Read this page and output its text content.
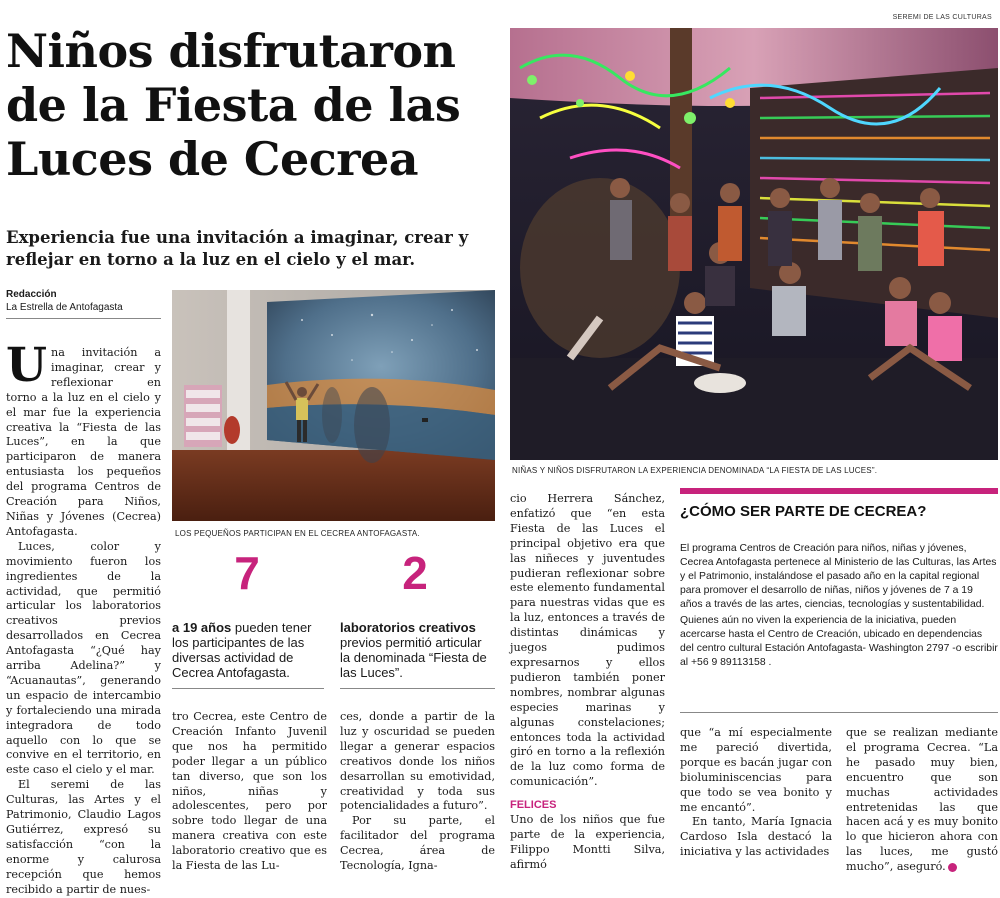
SEREMI DE LAS CULTURAS
Niños disfrutaron
de la Fiesta de las
Luces de Cecrea
Experiencia fue una invitación a imaginar, crear y reflejar en torno a la luz en el cielo y el mar.
Redacción
La Estrella de Antofagasta

Una invitación a imaginar, crear y reflexionar en torno a la luz en el cielo y el mar fue la experiencia creativa la “Fiesta de las Luces”, en la que participaron de manera entusiasta los pequeños del programa Centros de Creación para Niños, Niñas y Jóvenes (Cecrea) Antofagasta.

Luces, color y movimiento fueron los ingredientes de la actividad, que permitió articular los laboratorios creativos previos desarrollados en Cecrea Antofagasta “¿Qué hay arriba Adelina?” y “Acuanautas”, generando un espacio de intercambio y fortaleciendo una mirada integradora de todo aquello con lo que se convive en el territorio, en este caso el cielo y el mar.

El seremi de las Culturas, las Artes y el Patrimonio, Claudio Lagos Gutiérrez, expresó su satisfacción “con la enorme y calurosa recepción que hemos recibido a partir de nues-

LOS PEQUEÑOS PARTICIPAN EN EL CECREA ANTOFAGASTA.
NIÑAS Y NIÑOS DISFRUTARON LA EXPERIENCIA DENOMINADA “LA FIESTA DE LAS LUCES”.
7
a 19 años pueden tener los participantes de las diversas actividad de Cecrea Antofagasta.
2
laboratorios creativos previos permitió articular la denominada “Fiesta de las Luces”.

tro Cecrea, este Centro de Creación Infanto Juvenil que nos ha permitido poder llegar a un público tan diverso, que son los niños, niñas y adolescentes, pero por sobre todo llegar de una manera creativa con este laboratorio creativo que es la Fiesta de las Lu-

ces, donde a partir de la luz y oscuridad se pueden llegar a generar espacios creativos donde los niños desarrollan su emotividad, creatividad y toda sus potencialidades a futuro”.

Por su parte, el facilitador del programa Cecrea, área de Tecnología, Igna-

cio Herrera Sánchez, enfatizó que “en esta Fiesta de las Luces el principal objetivo era que las niñeces y juventudes pudieran reflexionar sobre este elemento fundamental para nuestras vidas que es la luz, entonces a través de distintas dinámicas y juegos pudimos expresarnos y ellos pudieron también poner nombres, nombrar algunas especies marinas y algunas constelaciones; entonces toda la actividad giró en torno a la reflexión de la luz como forma de comunicación”.

FELICES

Uno de los niños que fue parte de la experiencia, Filippo Montti Silva, afirmó

¿CÓMO SER PARTE DE CECREA?

El programa Centros de Creación para niños, niñas y jóvenes, Cecrea Antofagasta pertenece al Ministerio de las Culturas, las Artes y el Patrimonio, instalándose el pasado año en la capital regional para promover el desarrollo de niñas, niños y jóvenes de 7 a 19 años a través de las artes, ciencias, tecnologías y sustentabilidad.

Quienes aún no viven la experiencia de la iniciativa, pueden acercarse hasta el Centro de Creación, ubicado en dependencias del centro cultural Estación Antofagasta- Washington 2797 -o escribir al +56 9 89113158 .

que “a mí especialmente me pareció divertida, porque es bacán jugar con bioluminiscencias para que todo se vea bonito y me encantó”.

En tanto, María Ignacia Cardoso Isla destacó la iniciativa y las actividades

que se realizan mediante el programa Cecrea. “La he pasado muy bien, encuentro que son muchas actividades entretenidas las que hacen acá y es muy bonito lo que hicieron ahora con las luces, me gustó mucho”, aseguró.
